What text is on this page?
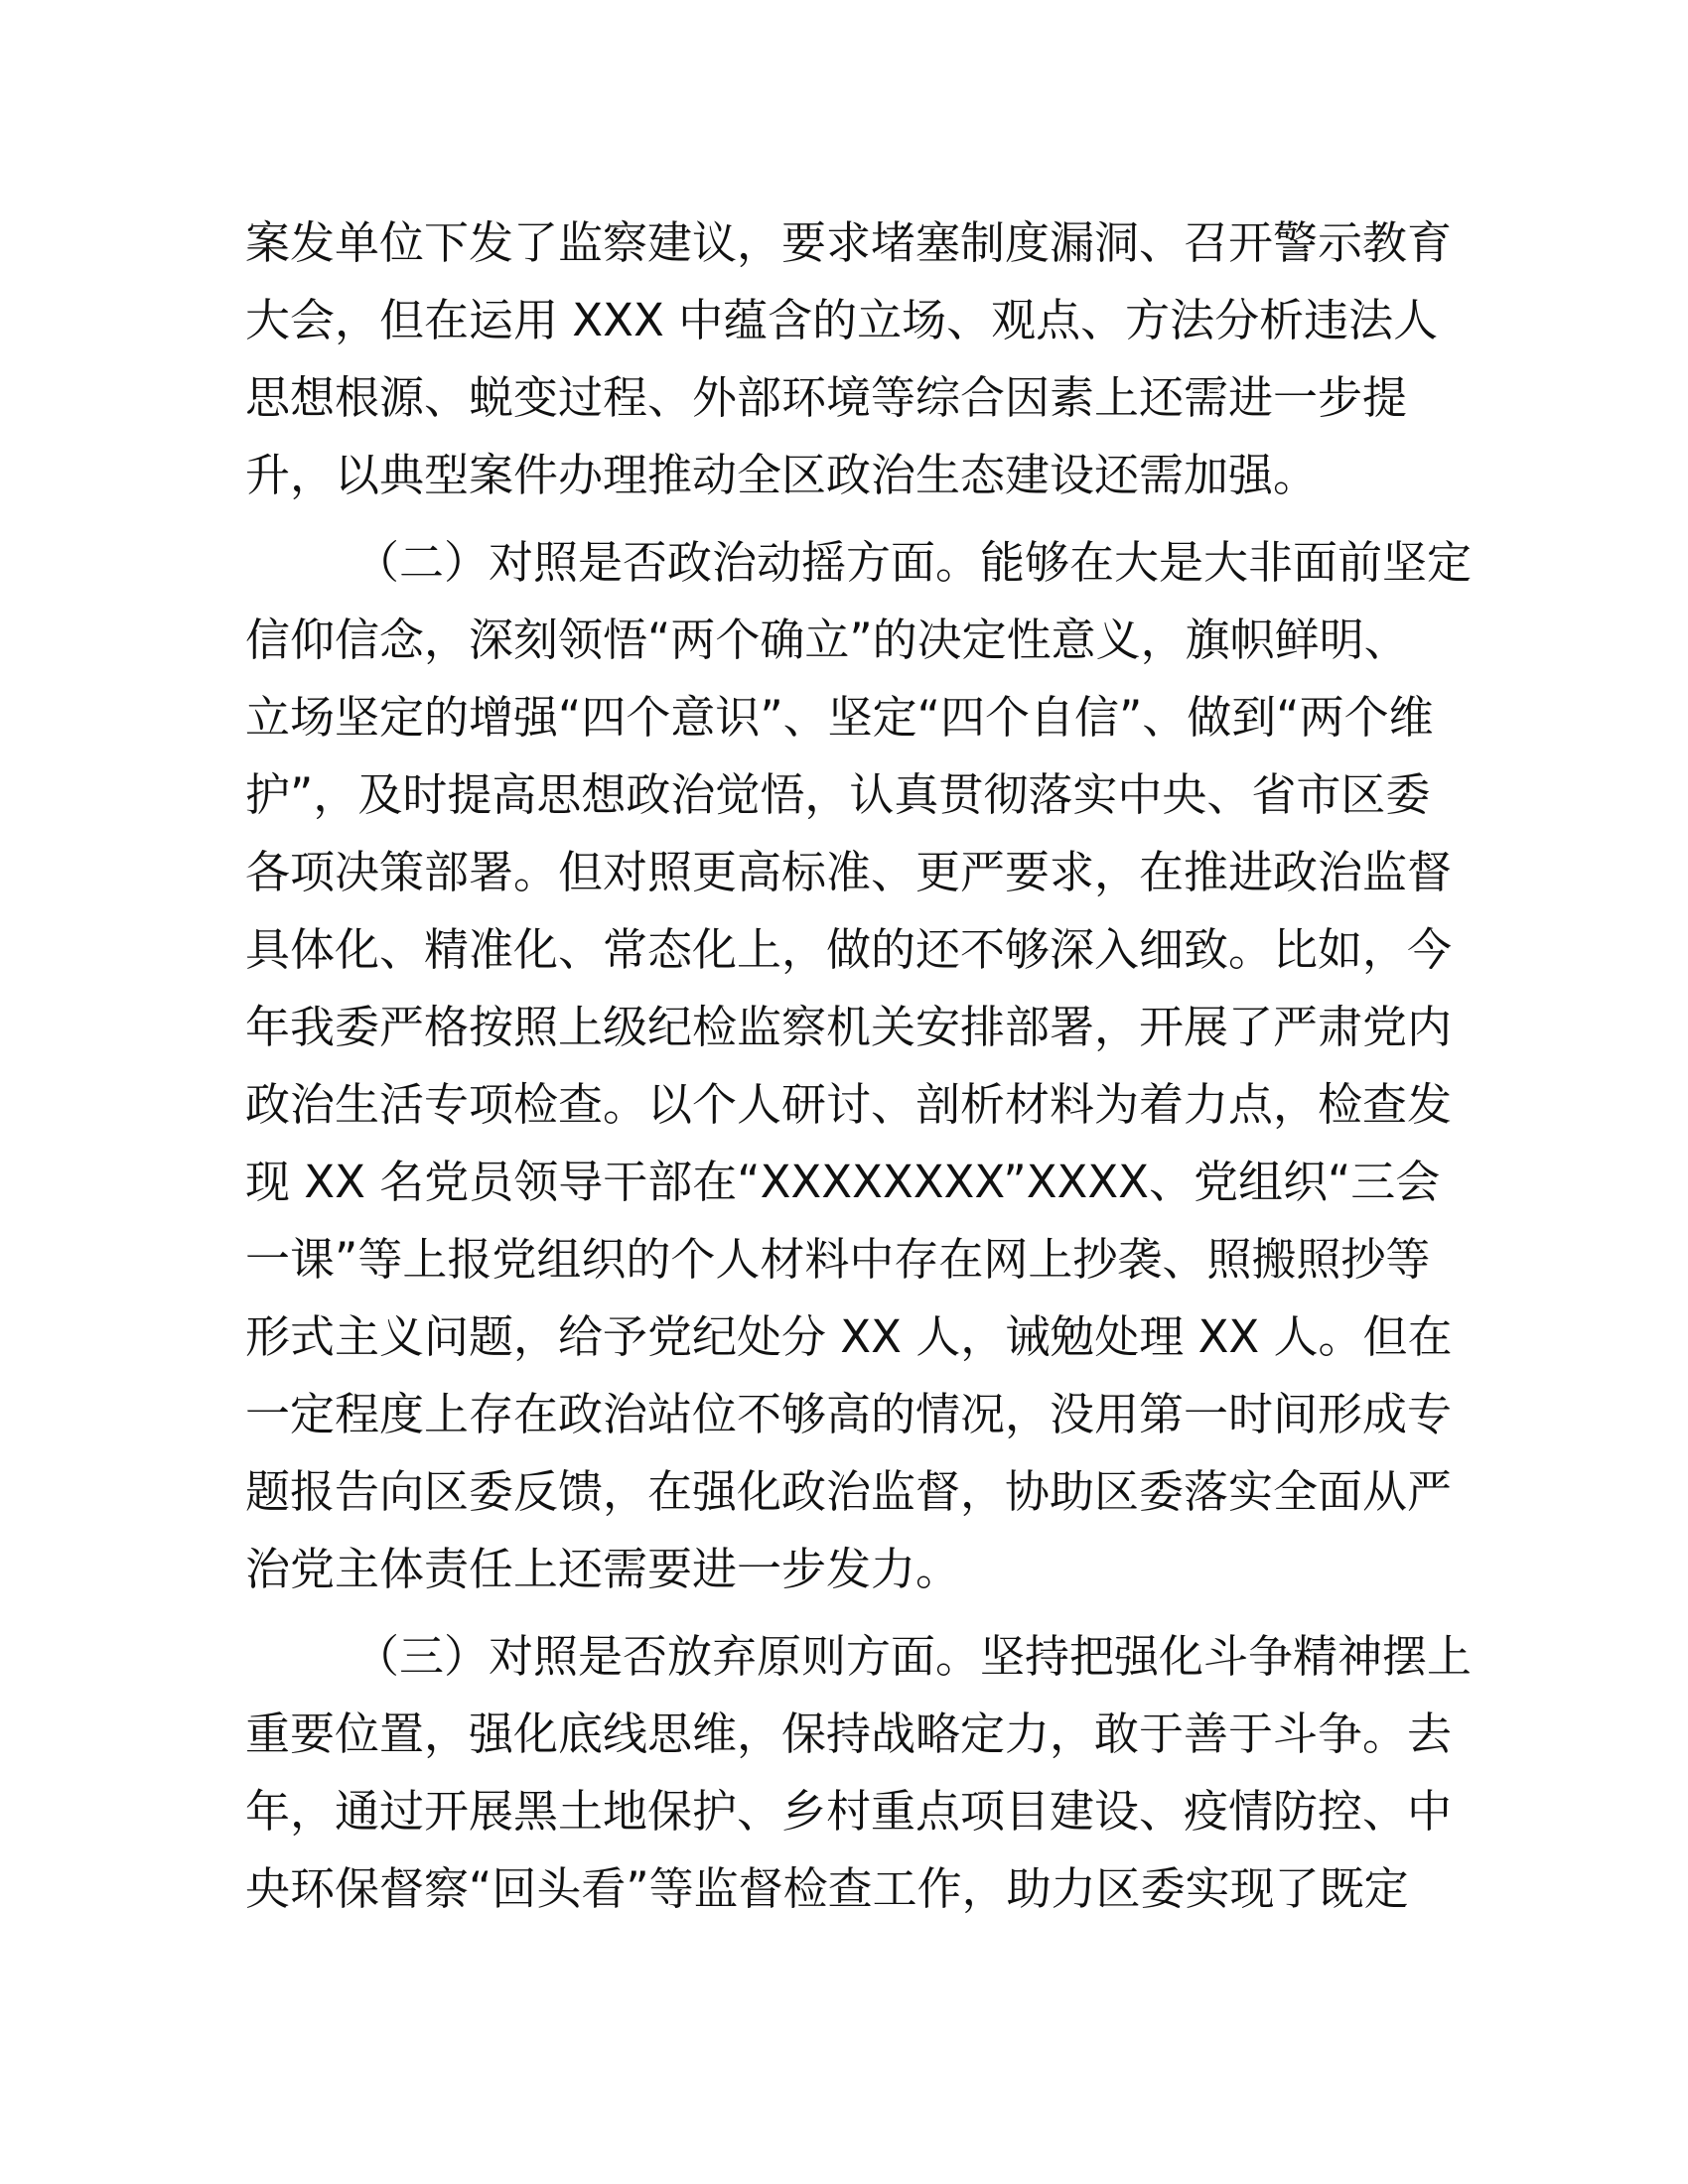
案发单位下发了监察建议，要求堵塞制度漏洞、召开警示教育
大会，但在运用 XXX 中蕴含的立场、观点、方法分析违法人
思想根源、蜕变过程、外部环境等综合因素上还需进一步提
升，以典型案件办理推动全区政治生态建设还需加强。
（二）对照是否政治动摇方面。能够在大是大非面前坚定
信仰信念，深刻领悟“两个确立”的决定性意义，旗帜鲜明、
立场坚定的增强“四个意识”、坚定“四个自信”、做到“两个维
护”，及时提高思想政治觉悟，认真贯彻落实中央、省市区委
各项决策部署。但对照更高标准、更严要求，在推进政治监督
具体化、精准化、常态化上，做的还不够深入细致。比如，今
年我委严格按照上级纪检监察机关安排部署，开展了严肃党内
政治生活专项检查。以个人研讨、剖析材料为着力点，检查发
现 XX 名党员领导干部在“XXXXXXXX”XXXX、党组织“三会
一课”等上报党组织的个人材料中存在网上抄袭、照搬照抄等
形式主义问题，给予党纪处分 XX 人，诫勉处理 XX 人。但在
一定程度上存在政治站位不够高的情况，没用第一时间形成专
题报告向区委反馈，在强化政治监督，协助区委落实全面从严
治党主体责任上还需要进一步发力。
（三）对照是否放弃原则方面。坚持把强化斗争精神摆上
重要位置，强化底线思维，保持战略定力，敢于善于斗争。去
年，通过开展黑土地保护、乡村重点项目建设、疫情防控、中
央环保督察“回头看”等监督检查工作，助力区委实现了既定
